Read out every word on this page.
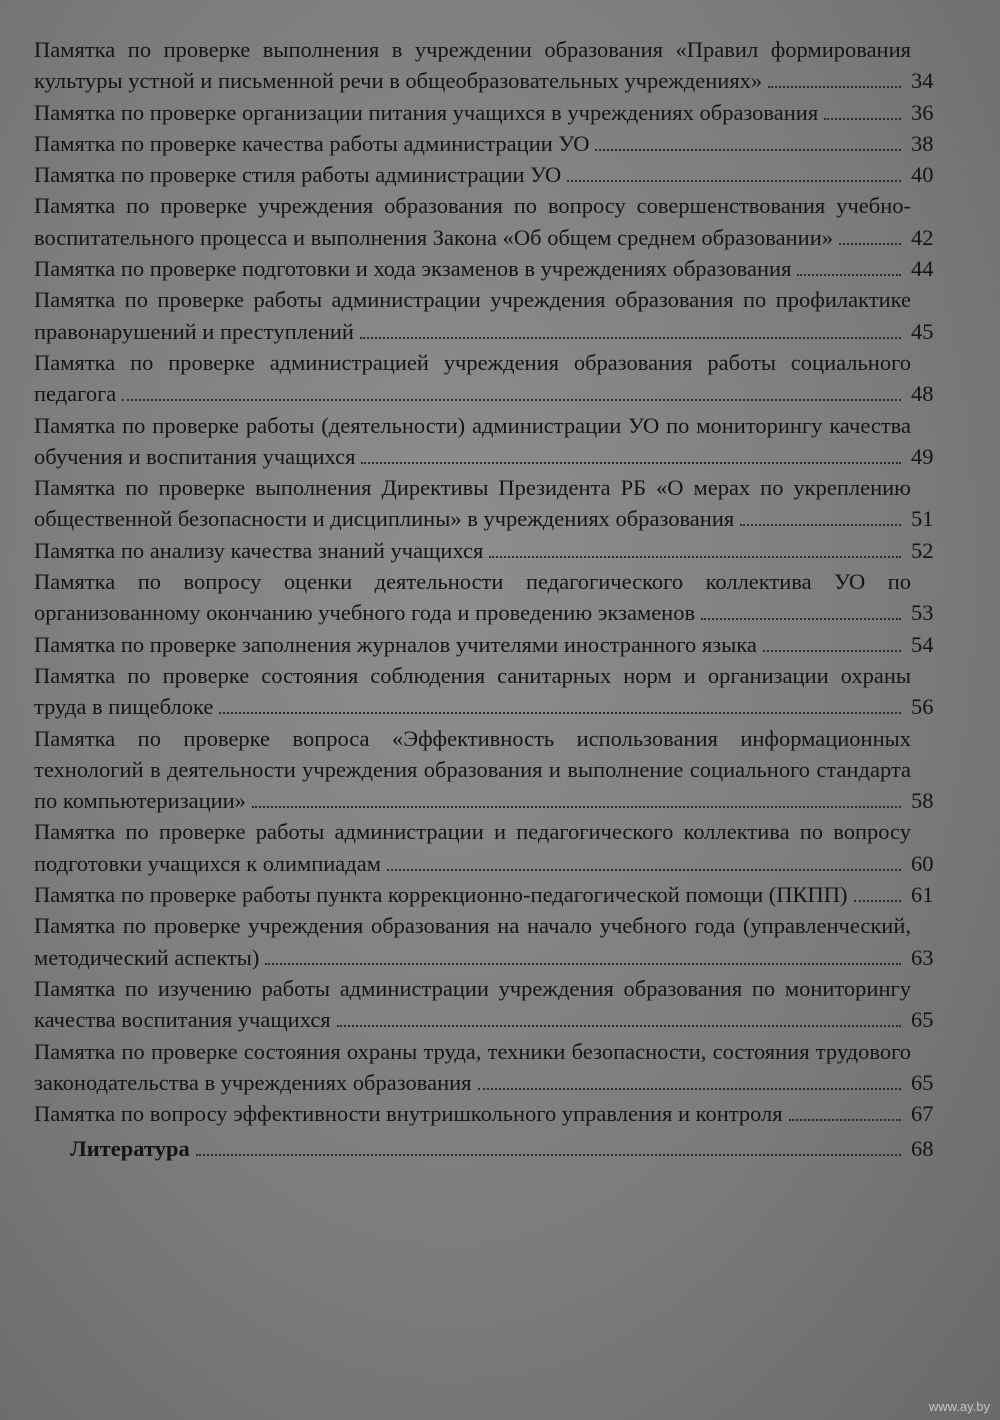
Памятка по проверке выполнения в учреждении образования «Правил формирования культуры устной и письменной речи в общеобразовательных учреждениях»	34
Памятка по проверке организации питания учащихся в учреждениях образования	36
Памятка по проверке качества работы администрации УО	38
Памятка по проверке стиля работы администрации УО	40
Памятка по проверке учреждения образования по вопросу совершенствования учебно-воспитательного процесса и выполнения Закона «Об общем среднем образовании»	42
Памятка по проверке подготовки и хода экзаменов в учреждениях образования	44
Памятка по проверке работы администрации учреждения образования по профилактике правонарушений и преступлений	45
Памятка по проверке администрацией учреждения образования работы социального педагога	48
Памятка по проверке работы (деятельности) администрации УО по мониторингу качества обучения и воспитания учащихся	49
Памятка по проверке выполнения Директивы Президента РБ «О мерах по укреплению общественной безопасности и дисциплины» в учреждениях образования	51
Памятка по анализу качества знаний учащихся	52
Памятка по вопросу оценки деятельности педагогического коллектива УО по организованному окончанию учебного года и проведению экзаменов	53
Памятка по проверке заполнения журналов учителями иностранного языка	54
Памятка по проверке состояния соблюдения санитарных норм и организации охраны труда в пищеблоке	56
Памятка по проверке вопроса «Эффективность использования информационных технологий в деятельности учреждения образования и выполнение социального стандарта по компьютеризации»	58
Памятка по проверке работы администрации и педагогического коллектива по вопросу подготовки учащихся к олимпиадам	60
Памятка по проверке работы пункта коррекционно-педагогической помощи (ПКПП)	61
Памятка по проверке учреждения образования на начало учебного года (управленческий, методический аспекты)	63
Памятка по изучению работы администрации учреждения образования по мониторингу качества воспитания учащихся	65
Памятка по проверке состояния охраны труда, техники безопасности, состояния трудового законодательства в учреждениях образования	65
Памятка по вопросу эффективности внутришкольного управления и контроля	67
Литература	68
www.ay.by
